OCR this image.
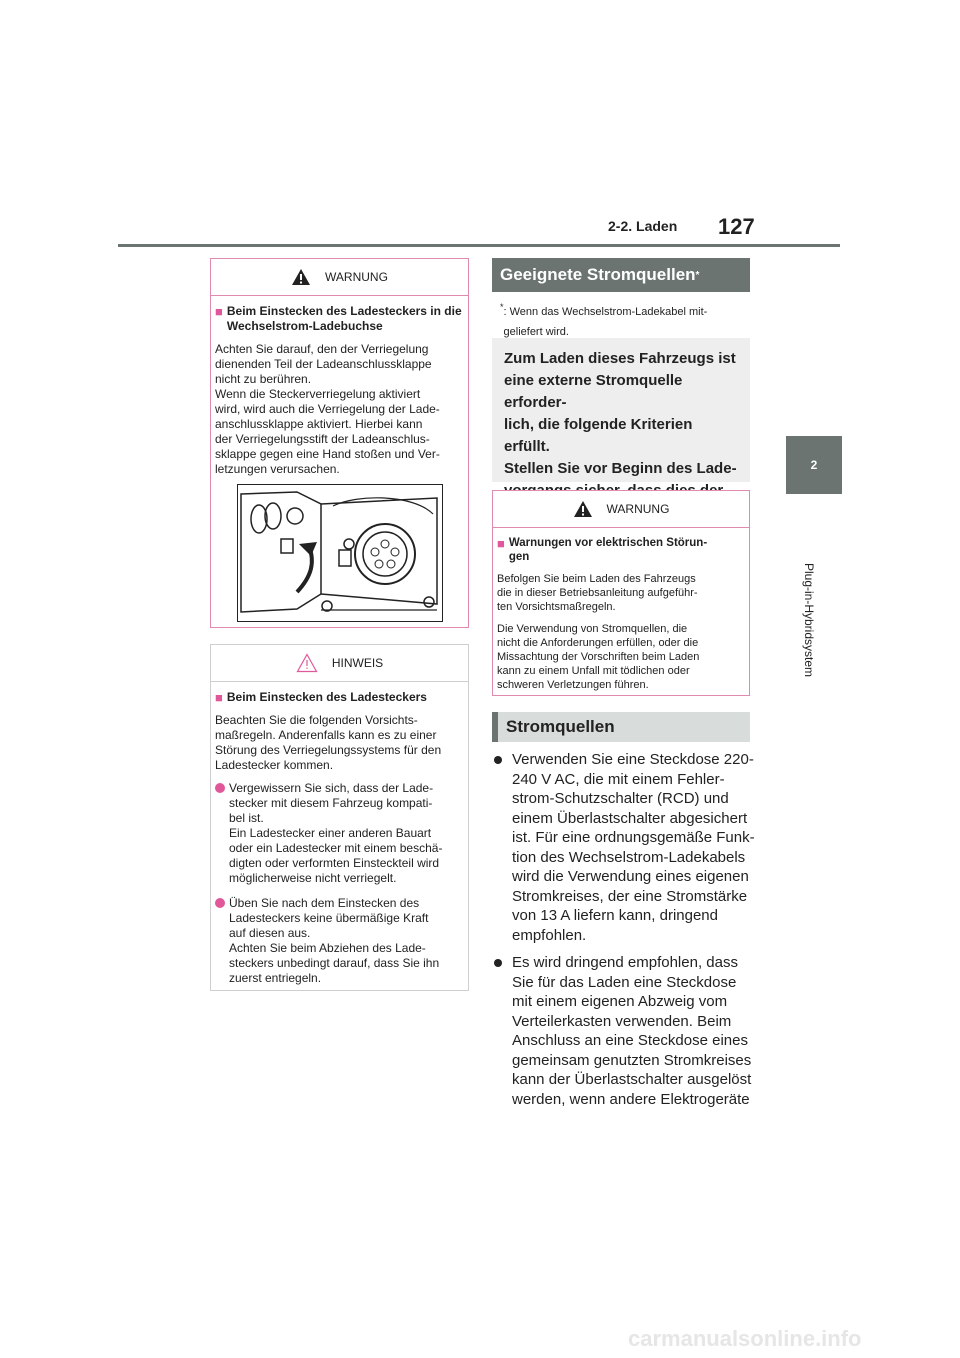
2-2. Laden 127
2
Plug-in-Hybridsystem
WARNUNG
■ Beim Einstecken des Ladesteckers in die Wechselstrom-Ladebuchse

Achten Sie darauf, den der Verriegelung
dienenden Teil der Ladeanschlussklappe
nicht zu berühren.
Wenn die Steckerverriegelung aktiviert
wird, wird auch die Verriegelung der Lade-
anschlussklappe aktiviert. Hierbei kann
der Verriegelungsstift der Ladeanschlus-
sklappe gegen eine Hand stoßen und Ver-
letzungen verursachen.

HINWEIS
■ Beim Einstecken des Ladesteckers

Beachten Sie die folgenden Vorsichts-
maßregeln. Anderenfalls kann es zu einer
Störung des Verriegelungssystems für den
Ladestecker kommen.

Vergewissern Sie sich, dass der Lade-
stecker mit diesem Fahrzeug kompati-
bel ist.
Ein Ladestecker einer anderen Bauart
oder ein Ladestecker mit einem beschä-
digten oder verformten Einsteckteil wird
möglicherweise nicht verriegelt.
Üben Sie nach dem Einstecken des
Ladesteckers keine übermäßige Kraft
auf diesen aus.
Achten Sie beim Abziehen des Lade-
steckers unbedingt darauf, dass Sie ihn
zuerst entriegeln.
Geeignete Stromquellen *
* : Wenn das Wechselstrom-Ladekabel mit-
geliefert wird.
Zum Laden dieses Fahrzeugs ist
eine externe Stromquelle erforder-
lich, die folgende Kriterien erfüllt.
Stellen Sie vor Beginn des Lade-

WARNUNG
■ Warnungen vor elektrischen Störun-
gen

Befolgen Sie beim Laden des Fahrzeugs
die in dieser Betriebsanleitung aufgeführ-
ten Vorsichtsmaßregeln.

Die Verwendung von Stromquellen, die
nicht die Anforderungen erfüllen, oder die
Missachtung der Vorschriften beim Laden
kann zu einem Unfall mit tödlichen oder
schweren Verletzungen führen.

Stromquellen
Verwenden Sie eine Steckdose 220-
240 V AC, die mit einem Fehler-
strom-Schutzschalter (RCD) und
einem Überlastschalter abgesichert
ist. Für eine ordnungsgemäße Funk-
tion des Wechselstrom-Ladekabels
wird die Verwendung eines eigenen
Stromkreises, der eine Stromstärke
von 13 A liefern kann, dringend
empfohlen.
Es wird dringend empfohlen, dass
Sie für das Laden eine Steckdose
mit einem eigenen Abzweig vom
Verteilerkasten verwenden. Beim
Anschluss an eine Steckdose eines
gemeinsam genutzten Stromkreises
kann der Überlastschalter ausgelöst
werden, wenn andere Elektrogeräte
carmanualsonline.info
